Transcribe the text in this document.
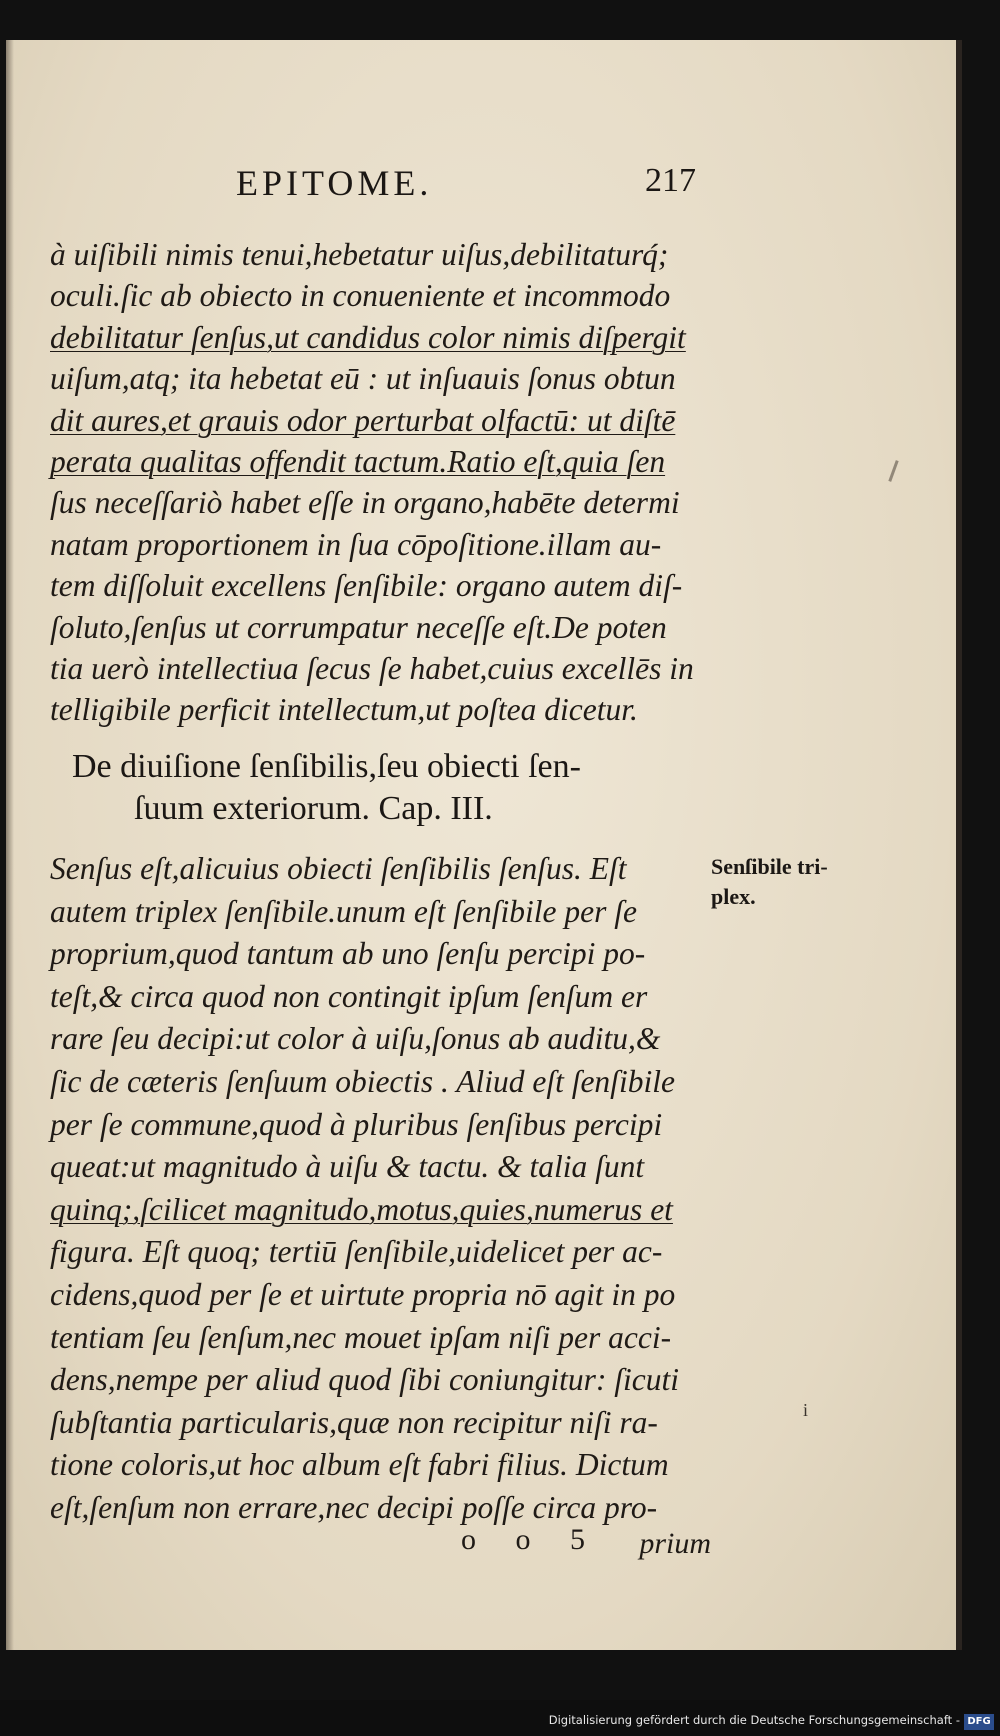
EPITOME.	217
à uiſibili nimis tenui,hebetatur uiſus,debilitaturq́;
oculi.ſic ab obiecto in conueniente et incommodo
debilitatur ſenſus,ut candidus color nimis diſpergit
uiſum,atq; ita hebetat eū : ut inſuauis ſonus obtun
dit aures,et grauis odor perturbat olfactū: ut diſtē
perata qualitas offendit tactum.Ratio eſt,quia ſen
ſus neceſſariò habet eſſe in organo,habēte determi
natam proportionem in ſua cōpoſitione.illam au-
tem diſſoluit excellens ſenſibile: organo autem diſ-
ſoluto,ſenſus ut corrumpatur neceſſe eſt.De poten
tia uerò intellectiua ſecus ſe habet,cuius excellēs in
telligibile perficit intellectum,ut poſtea dicetur.
De diuiſione ſenſibilis,ſeu obiecti ſen-
ſuum exteriorum. Cap. III.
Senſus eſt,alicuius obiecti ſenſibilis ſenſus. Eſt
autem triplex ſenſibile.unum eſt ſenſibile per ſe
proprium,quod tantum ab uno ſenſu percipi po-
teſt,& circa quod non contingit ipſum ſenſum er
rare ſeu decipi:ut color à uiſu,ſonus ab auditu,&
ſic de cæteris ſenſuum obiectis . Aliud eſt ſenſibile
per ſe commune,quod à pluribus ſenſibus percipi
queat:ut magnitudo à uiſu & tactu. & talia ſunt
quinq;,ſcilicet magnitudo,motus,quies,numerus et
figura. Eſt quoq; tertiū ſenſibile,uidelicet per ac-
cidens,quod per ſe et uirtute propria nō agit in po
tentiam ſeu ſenſum,nec mouet ipſam niſi per acci-
dens,nempe per aliud quod ſibi coniungitur: ſicuti
ſubſtantia particularis,quæ non recipitur niſi ra-
tione coloris,ut hoc album eſt fabri filius. Dictum
eſt,ſenſum non errare,nec decipi poſſe circa pro-
Senſibile tri-
plex.
o o 5 prium
i
Digitalisierung gefördert durch die Deutsche Forschungsgemeinschaft - DFG
